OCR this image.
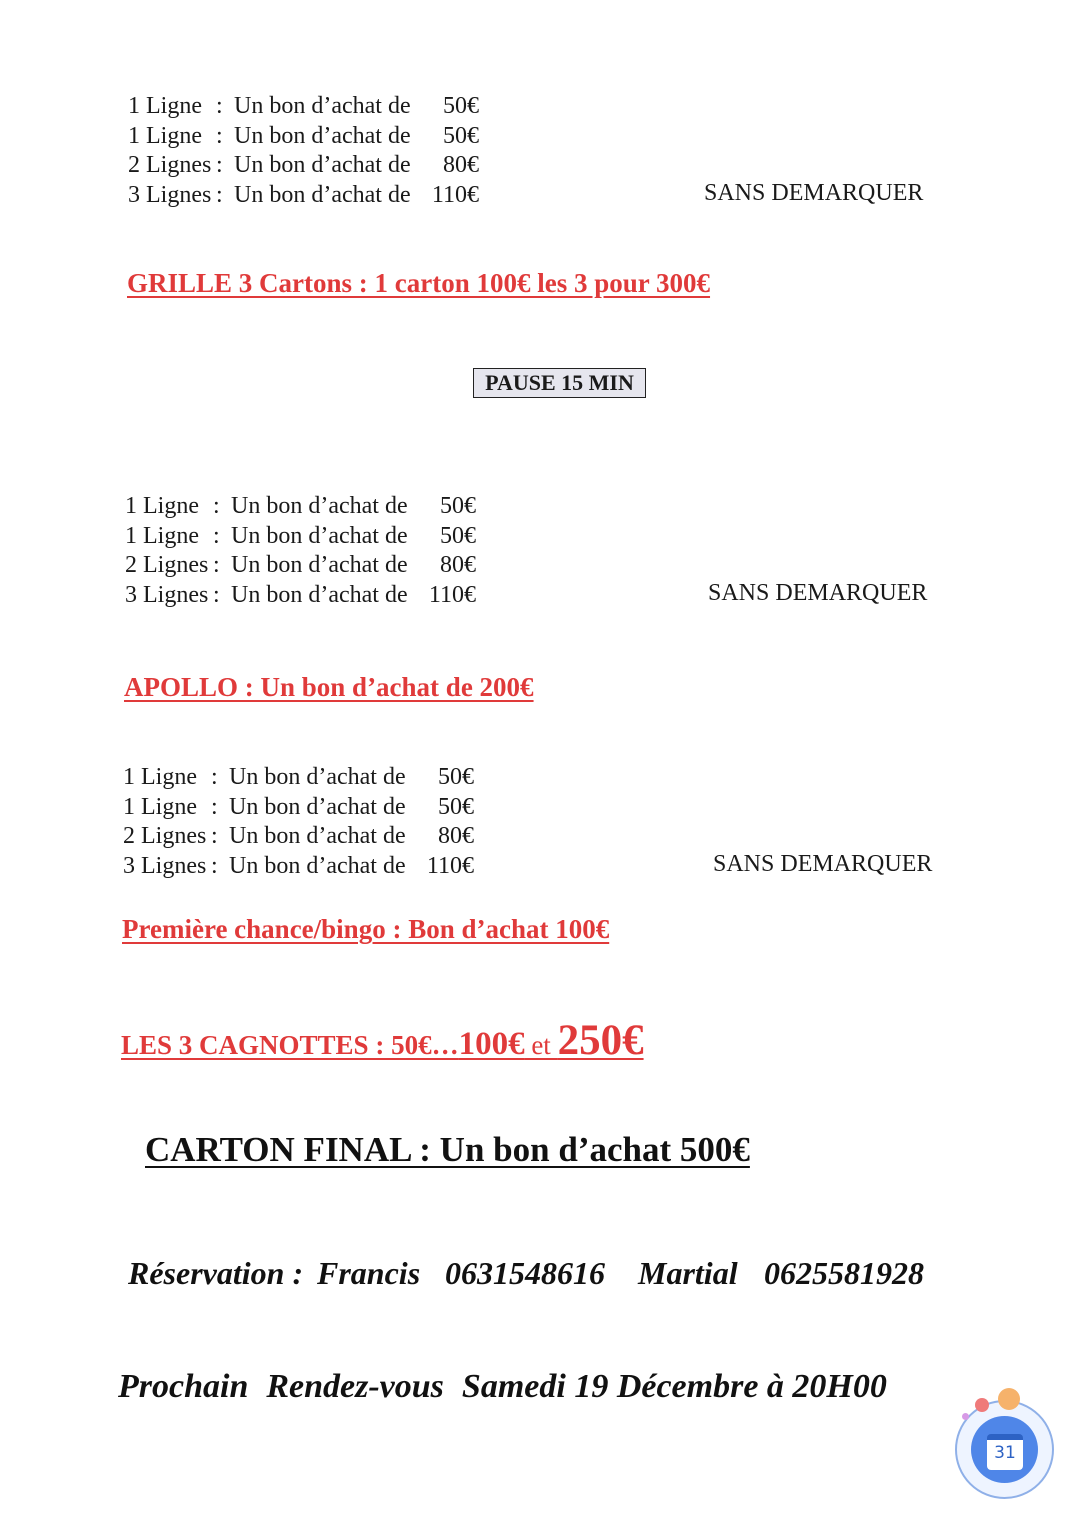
1 Ligne : Un bon d’achat de	50€
1 Ligne : Un bon d’achat de	50€
2 Lignes : Un bon d’achat de	80€
3 Lignes : Un bon d’achat de 110€	SANS DEMARQUER
GRILLE 3 Cartons : 1 carton 100€ les 3 pour 300€
PAUSE 15 MIN
1 Ligne : Un bon d’achat de	50€
1 Ligne : Un bon d’achat de	50€
2 Lignes : Un bon d’achat de	80€
3 Lignes : Un bon d’achat de 110€	SANS DEMARQUER
APOLLO : Un bon d’achat de 200€
1 Ligne : Un bon d’achat de	50€
1 Ligne : Un bon d’achat de	50€
2 Lignes : Un bon d’achat de	80€
3 Lignes : Un bon d’achat de 110€	SANS DEMARQUER
Première chance/bingo : Bon d’achat 100€
LES 3 CAGNOTTES : 50€…100€ et 250€
CARTON FINAL : Un bon d’achat 500€
Réservation : Francis 0631548616 Martial 0625581928
Prochain Rendez-vous Samedi 19 Décembre à 20H00
31
